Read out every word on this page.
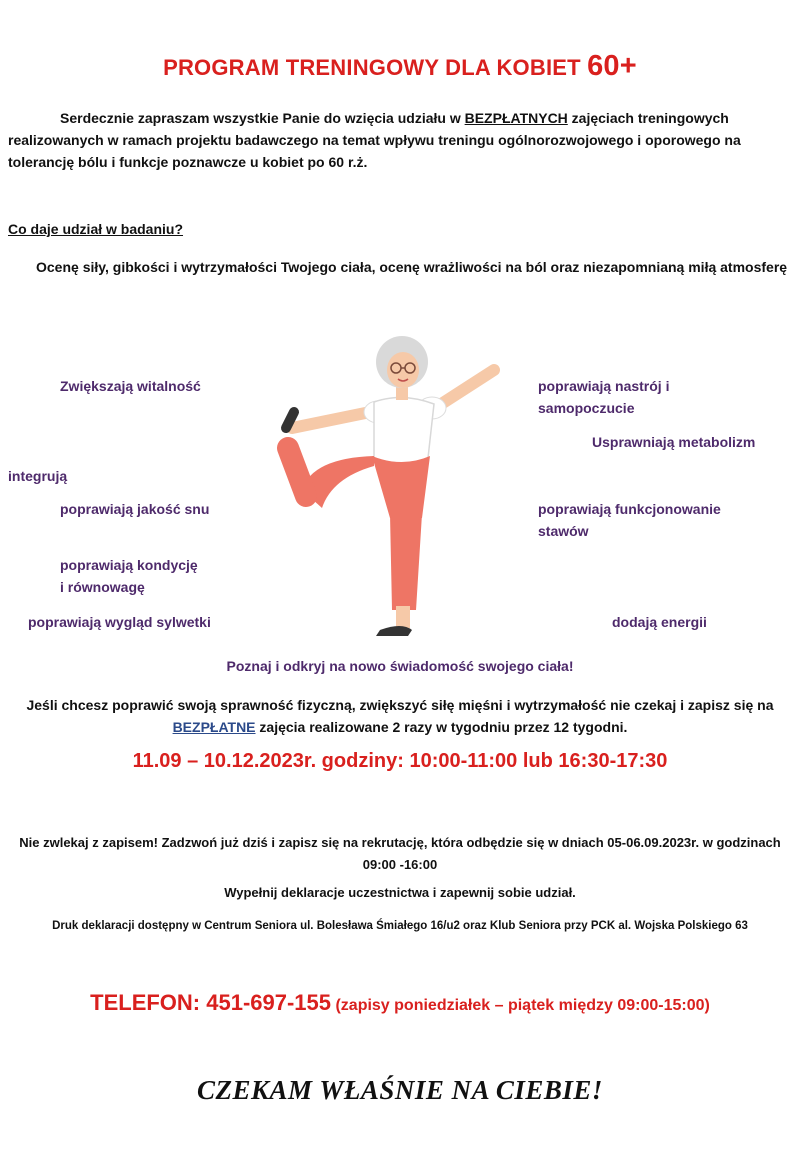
PROGRAM TRENINGOWY DLA KOBIET 60+
Serdecznie zapraszam wszystkie Panie do wzięcia udziału w BEZPŁATNYCH zajęciach treningowych realizowanych w ramach projektu badawczego na temat wpływu treningu ogólnorozwojowego i oporowego na tolerancję bólu i funkcje poznawcze u kobiet po 60 r.ż.
Co daje udział w badaniu?
Ocenę siły, gibkości i wytrzymałości Twojego ciała, ocenę wrażliwości na ból oraz niezapomnianą miłą atmosferę
Zwiększają witalność	poprawiają nastrój i
samopoczucie
Usprawniają metabolizm
integrują
poprawiają jakość snu	poprawiają funkcjonowanie
stawów
poprawiają kondycję
i równowagę
poprawiają wygląd sylwetki	dodają energii
Poznaj i odkryj na nowo świadomość swojego ciała!
Jeśli chcesz poprawić swoją sprawność fizyczną, zwiększyć siłę mięśni i wytrzymałość nie czekaj i zapisz się na BEZPŁATNE zajęcia realizowane 2 razy w tygodniu przez 12 tygodni.
11.09 – 10.12.2023r. godziny: 10:00-11:00 lub 16:30-17:30
Nie zwlekaj z zapisem! Zadzwoń już dziś i zapisz się na rekrutację, która odbędzie się w dniach 05-06.09.2023r. w godzinach 09:00 -16:00
Wypełnij deklaracje uczestnictwa i zapewnij sobie udział.
Druk deklaracji dostępny w Centrum Seniora ul. Bolesława Śmiałego 16/u2 oraz Klub Seniora przy PCK al. Wojska Polskiego 63
TELEFON: 451-697-155 (zapisy poniedziałek – piątek między 09:00-15:00)
CZEKAM WŁAŚNIE NA CIEBIE!
